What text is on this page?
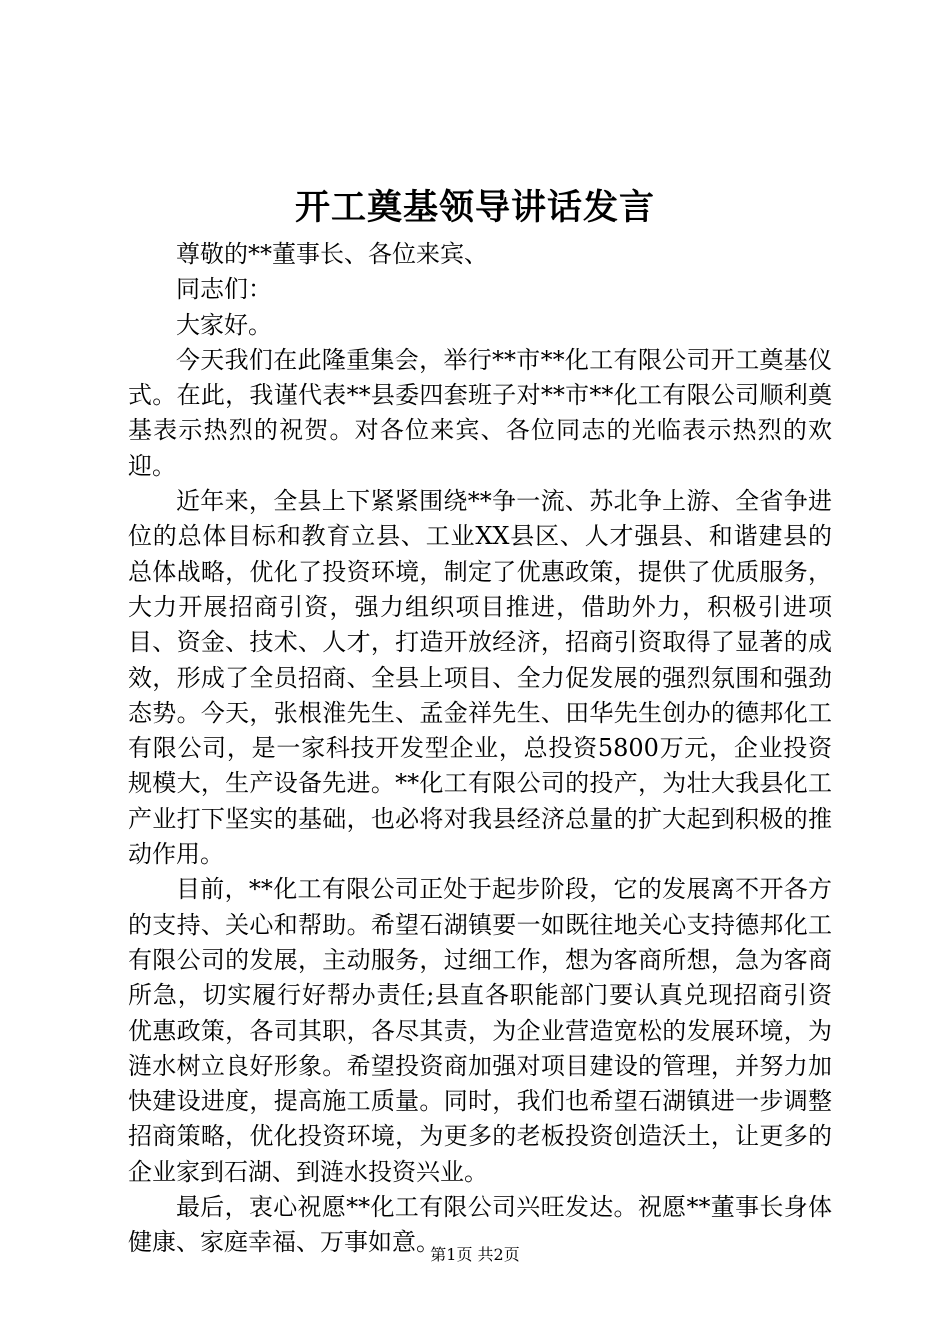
开工奠基领导讲话发言

尊敬的**董事长、各位来宾、

同志们：

大家好。

今天我们在此隆重集会，举行**市**化工有限公司开工奠基仪式。在此，我谨代表**县委四套班子对**市**化工有限公司顺利奠基表示热烈的祝贺。对各位来宾、各位同志的光临表示热烈的欢迎。

近年来，全县上下紧紧围绕**争一流、苏北争上游、全省争进位的总体目标和教育立县、工业XX县区、人才强县、和谐建县的总体战略，优化了投资环境，制定了优惠政策，提供了优质服务，大力开展招商引资，强力组织项目推进，借助外力，积极引进项目、资金、技术、人才，打造开放经济，招商引资取得了显著的成效，形成了全员招商、全县上项目、全力促发展的强烈氛围和强劲态势。今天，张根淮先生、孟金祥先生、田华先生创办的德邦化工有限公司，是一家科技开发型企业，总投资5800万元，企业投资规模大，生产设备先进。**化工有限公司的投产，为壮大我县化工产业打下坚实的基础，也必将对我县经济总量的扩大起到积极的推动作用。

目前，**化工有限公司正处于起步阶段，它的发展离不开各方的支持、关心和帮助。希望石湖镇要一如既往地关心支持德邦化工有限公司的发展，主动服务，过细工作，想为客商所想，急为客商所急，切实履行好帮办责任;县直各职能部门要认真兑现招商引资优惠政策，各司其职，各尽其责，为企业营造宽松的发展环境，为涟水树立良好形象。希望投资商加强对项目建设的管理，并努力加快建设进度，提高施工质量。同时，我们也希望石湖镇进一步调整招商策略，优化投资环境，为更多的老板投资创造沃土，让更多的企业家到石湖、到涟水投资兴业。

最后，衷心祝愿**化工有限公司兴旺发达。祝愿**董事长身体健康、家庭幸福、万事如意。

第1页 共2页
